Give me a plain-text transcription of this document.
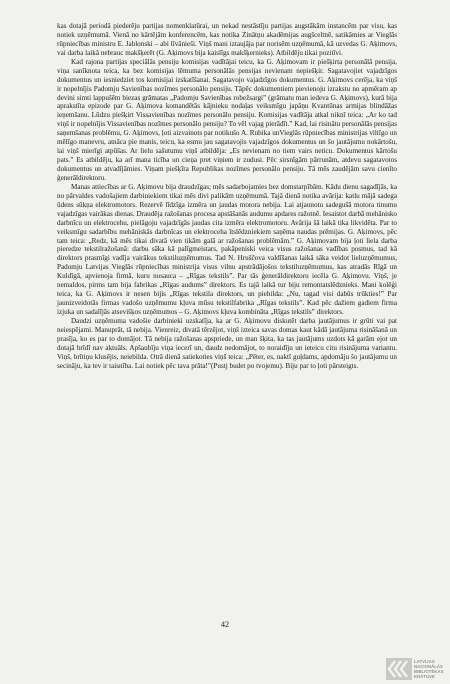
kas dotajā periodā piederēju partijas nomenklatūrai, un nekad nestāstīju partijas augstākām instancēm par visu, kas notiek uzņēmumā. Vienā no kārtējām konferencēm, kas notika Zinātņu akadēmijas augšceltnē, satikāmies ar Vieglās rūpniecības ministru E. Jablonski – abi līvānieši. Viņš mani iztaujāja par norisēm uzņēmumā, kā uzvedas G. Aķimovs, vai darba laikā nebrauc makšķerēt (G. Aķimovs bija kaislīgs makšķernieks). Atbildēju tikai pozitīvi.

Kad rajona partijas speciālās pensiju komisijas vadītājai teicu, ka G. Aķimovam ir piešķirta personālā pensija, viņa sanīknota teica, ka bez komisijas lēmuma personālās pensijas nevienam nepiešķir. Sagatavojiet vajadzīgos dokumentus un iesniedziet tos komisijai izskatīšanai. Sagatavojo vajadzīgos dokumentus. G. Aķimovs cerēja, ka viņš ir nopelnījis Padomju Savienības nozīmes personālo pensiju. Tāpēc dokumentiem pievienoju izrakstu no apmēram ap devini simti lappušēm biezas grāmatas „Padomju Savienības robežsargi” (grāmatu man iedeva G. Aķimovs), kurā bija aprakstīta epizode par G. Aķimova komandētās kājnieku nodaļas veiksmīgu japāņu Kvantūnas armijas blindāžas ieņemšanu. Lūdzu piešķirt Vissavienības nozīmes personālo pensiju. Komisijas vadītāja atkal niknī teica: „Ar ko tad viņš ir nopelnījis Vissavienības nozīmes personālo pensiju? To vēl vajag pierādīt.” Kad, lai risinātu personālās pensijas saņemšanas problēmu, G. Aķimovs, ļoti aizvainots par notikušo A. Rubika unVieglās rūpniecības ministrijas viltīgo un mēlīgo manevru, atnāca pie manis, teicu, ka esmu jau sagatavojis vajadzīgos dokumentus un šo jautājumu nokārtošu, lai viņš mierīgi atpūšas. Ar lielu sašutumu viņš atbildēja: „Es nevienam no tiem vairs neticu. Dokumentus kārtošu pats.” Es atbildēju, ka arī mana ticība un cieņa pret viņiem ir zudusi. Pēc sirsnīgām pārrunām, atdevu sagatavotos dokumentus un atvadījāmies. Viņam piešķīra Republikas nozīmes personālo pensiju. Tā mēs zaudējām savu cienīto ģenerāldirektoru.

Manas attiecības ar G. Aķimovu bija draudzīgas; mēs sadarbojamies bez domstarpībām. Kādu dienu sagadījās, ka no pārvaldes vadošajiem darbiniekiem tikai mēs divi palikām uzņēmumā. Tajā dienā notika avārija: katlu mājā sadega ūdens sūkņa elektromotors. Rezervē līdzīga izmēra un jaudas motora nebija. Lai atjaunotu sadegušā motora tinumu vajadzīgas vairākas dienas. Draudēja ražošanas procesa apstāšanās audumu apdares ražotnē. Iesaistot darbā mehānisko darbnīcu un elektrocehu, pielāgoju vajadzīgās jaudas cita izmēra elektromotoru. Avārija šā laikā tika likvidēta. Par to veiksmīgu sadarbību mehāniskās darbnīcas un elektroceha ītslēdzniekiem saņēma naudas prēmijas. G. Aķimovs, pēc tam teica: „Redz, kā mēs tikai divatā vien tikām galā ar ražošanas problēmām.” G. Aķimovam bija ļoti liela darba pieredze tekstilražošanā: darbu sāka kā palīgmeistars, pakāpeniski veica visus ražošanas vadības posmus, tad kā direktors prasmīgi vadīja vairākus tekstiluzņēmumus. Tad N. Hruščova valdīšanas laikā sāka veidot lieluzņēmumus, Padomju Latvijas Vieglās rūpniecības ministrija visus vilnu apstrādājošos tekstiluzņēmumus, kas atradās Rīgā un Kuldīgā, apvienoja firmā, kuru nosauca – „Rīgas tekstils”. Par tās ģenerāldirektoru iecēla G. Aķimovu. Viņš, je nemaldos, pirms tam bija fabrikas „Rīgas audums” direktors. Es tajā laikā tur biju remontatslēdznieks. Mani kolēģi teica, ka G. Aķimovs ir nesen bijis „Rīgas tekstila direktors, un piebilda: „Nu, tagad visi dabūs trūkties!” Par jaunizveidotās firmas vadošo uzņēmumu kļuva mūsu tekstilfabrika „Rīgas tekstils”. Kad pēc dažiem gadiem firma izjuka un sadalījās atsevišķos uzņēmumos – G. Aķimovs kļuva kombināta „Rīgas tekstils” direktors.

Daudzi uzņēmuma vadošie darbinieki uzskatīja, ka ar G. Aķimovu diskutēt darba jautājumus ir grūti vai pat neiespējami. Manuprāt, tā nebija. Vienreiz, divatā tērzējot, viņš izteica savas domas kaut kādā jautājuma risināšanā un prasīja, ko es par to domājot. Tā nebija ražošanas apspriede, un man šķita, ka tas jautājums uzdots kā garām ejot un dotajā brīdī nav aktuāls. Apšaubīju viņa iecerī un, daudz nedomājot, to noraidīju un ieteicu citu risinājuma variantu. Viņš, brītiņu klusējis, neiebilda. Otrā dienā satiekoties viņš teica: „Pēter, es, naktī guļdams, apdomāju šo jautājumu un secināju, ka tev ir taisnība. Lai notiek pēc tava prāta!”(Pustj budet po tvojemu). Biju par to ļoti pārsteigts.

42
LATVIJAS
NACIONĀLĀS
BIBLIOTĒKAS
KRĀTUVE
